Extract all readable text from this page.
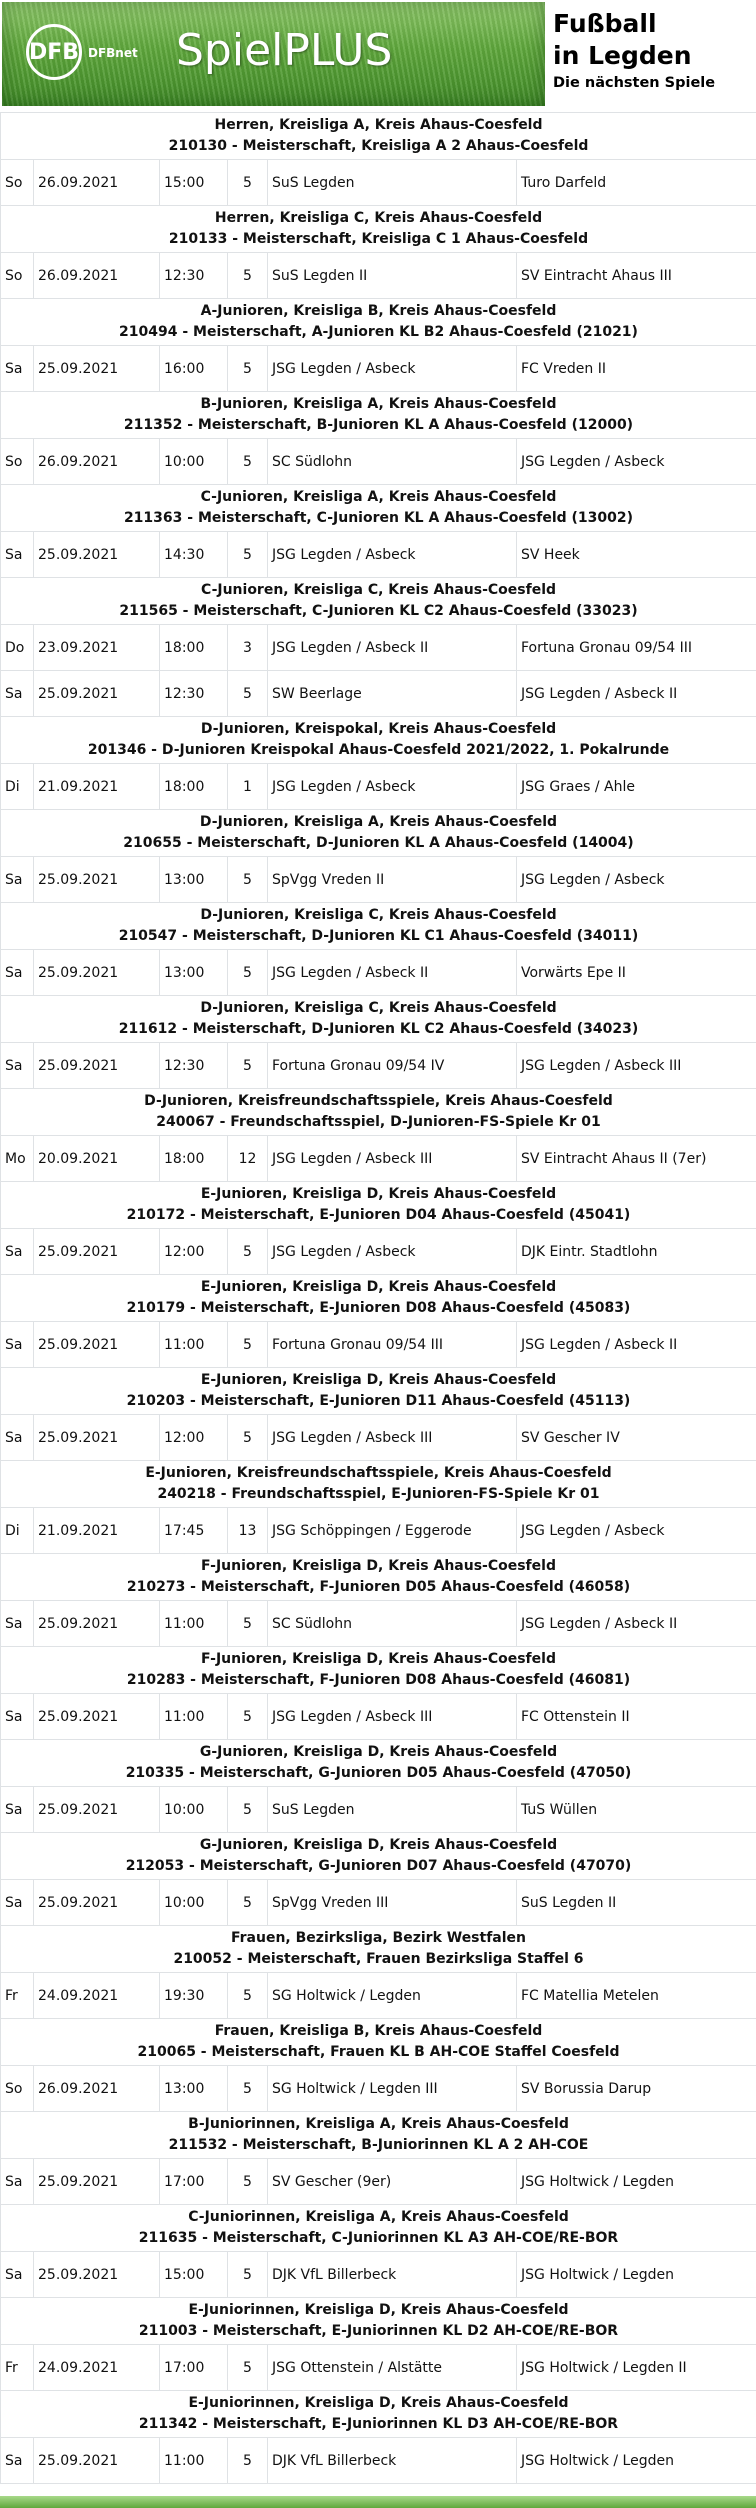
DFB DFBnet SpielPLUS
Fußball
in Legden
Die nächsten Spiele
Herren, Kreisliga A, Kreis Ahaus-Coesfeld
210130 - Meisterschaft, Kreisliga A 2 Ahaus-Coesfeld					

So	26.09.2021	15:00	5	SuS Legden	Turo Darfeld

Herren, Kreisliga C, Kreis Ahaus-Coesfeld
210133 - Meisterschaft, Kreisliga C 1 Ahaus-Coesfeld					

So	26.09.2021	12:30	5	SuS Legden II	SV Eintracht Ahaus III

A-Junioren, Kreisliga B, Kreis Ahaus-Coesfeld
210494 - Meisterschaft, A-Junioren KL B2 Ahaus-Coesfeld (21021)					

Sa	25.09.2021	16:00	5	JSG Legden / Asbeck	FC Vreden II

B-Junioren, Kreisliga A, Kreis Ahaus-Coesfeld
211352 - Meisterschaft, B-Junioren KL A Ahaus-Coesfeld (12000)					

So	26.09.2021	10:00	5	SC Südlohn	JSG Legden / Asbeck

C-Junioren, Kreisliga A, Kreis Ahaus-Coesfeld
211363 - Meisterschaft, C-Junioren KL A Ahaus-Coesfeld (13002)					

Sa	25.09.2021	14:30	5	JSG Legden / Asbeck	SV Heek

C-Junioren, Kreisliga C, Kreis Ahaus-Coesfeld
211565 - Meisterschaft, C-Junioren KL C2 Ahaus-Coesfeld (33023)					

Do	23.09.2021	18:00	3	JSG Legden / Asbeck II	Fortuna Gronau 09/54 III
Sa	25.09.2021	12:30	5	SW Beerlage	JSG Legden / Asbeck II

D-Junioren, Kreispokal, Kreis Ahaus-Coesfeld
201346 - D-Junioren Kreispokal Ahaus-Coesfeld 2021/2022, 1. Pokalrunde					

Di	21.09.2021	18:00	1	JSG Legden / Asbeck	JSG Graes / Ahle

D-Junioren, Kreisliga A, Kreis Ahaus-Coesfeld
210655 - Meisterschaft, D-Junioren KL A Ahaus-Coesfeld (14004)					

Sa	25.09.2021	13:00	5	SpVgg Vreden II	JSG Legden / Asbeck

D-Junioren, Kreisliga C, Kreis Ahaus-Coesfeld
210547 - Meisterschaft, D-Junioren KL C1 Ahaus-Coesfeld (34011)					

Sa	25.09.2021	13:00	5	JSG Legden / Asbeck II	Vorwärts Epe II

D-Junioren, Kreisliga C, Kreis Ahaus-Coesfeld
211612 - Meisterschaft, D-Junioren KL C2 Ahaus-Coesfeld (34023)					

Sa	25.09.2021	12:30	5	Fortuna Gronau 09/54 IV	JSG Legden / Asbeck III

D-Junioren, Kreisfreundschaftsspiele, Kreis Ahaus-Coesfeld
240067 - Freundschaftsspiel, D-Junioren-FS-Spiele Kr 01					

Mo	20.09.2021	18:00	12	JSG Legden / Asbeck III	SV Eintracht Ahaus II (7er)

E-Junioren, Kreisliga D, Kreis Ahaus-Coesfeld
210172 - Meisterschaft, E-Junioren D04 Ahaus-Coesfeld (45041)					

Sa	25.09.2021	12:00	5	JSG Legden / Asbeck	DJK Eintr. Stadtlohn

E-Junioren, Kreisliga D, Kreis Ahaus-Coesfeld
210179 - Meisterschaft, E-Junioren D08 Ahaus-Coesfeld (45083)					

Sa	25.09.2021	11:00	5	Fortuna Gronau 09/54 III	JSG Legden / Asbeck II

E-Junioren, Kreisliga D, Kreis Ahaus-Coesfeld
210203 - Meisterschaft, E-Junioren D11 Ahaus-Coesfeld (45113)					

Sa	25.09.2021	12:00	5	JSG Legden / Asbeck III	SV Gescher IV

E-Junioren, Kreisfreundschaftsspiele, Kreis Ahaus-Coesfeld
240218 - Freundschaftsspiel, E-Junioren-FS-Spiele Kr 01					

Di	21.09.2021	17:45	13	JSG Schöppingen / Eggerode	JSG Legden / Asbeck

F-Junioren, Kreisliga D, Kreis Ahaus-Coesfeld
210273 - Meisterschaft, F-Junioren D05 Ahaus-Coesfeld (46058)					

Sa	25.09.2021	11:00	5	SC Südlohn	JSG Legden / Asbeck II

F-Junioren, Kreisliga D, Kreis Ahaus-Coesfeld
210283 - Meisterschaft, F-Junioren D08 Ahaus-Coesfeld (46081)					

Sa	25.09.2021	11:00	5	JSG Legden / Asbeck III	FC Ottenstein II

G-Junioren, Kreisliga D, Kreis Ahaus-Coesfeld
210335 - Meisterschaft, G-Junioren D05 Ahaus-Coesfeld (47050)					

Sa	25.09.2021	10:00	5	SuS Legden	TuS Wüllen

G-Junioren, Kreisliga D, Kreis Ahaus-Coesfeld
212053 - Meisterschaft, G-Junioren D07 Ahaus-Coesfeld (47070)					

Sa	25.09.2021	10:00	5	SpVgg Vreden III	SuS Legden II

Frauen, Bezirksliga, Bezirk Westfalen
210052 - Meisterschaft, Frauen Bezirksliga Staffel 6					

Fr	24.09.2021	19:30	5	SG Holtwick / Legden	FC Matellia Metelen

Frauen, Kreisliga B, Kreis Ahaus-Coesfeld
210065 - Meisterschaft, Frauen KL B AH-COE Staffel Coesfeld					

So	26.09.2021	13:00	5	SG Holtwick / Legden III	SV Borussia Darup

B-Juniorinnen, Kreisliga A, Kreis Ahaus-Coesfeld
211532 - Meisterschaft, B-Juniorinnen KL A 2 AH-COE					

Sa	25.09.2021	17:00	5	SV Gescher (9er)	JSG Holtwick / Legden

C-Juniorinnen, Kreisliga A, Kreis Ahaus-Coesfeld
211635 - Meisterschaft, C-Juniorinnen KL A3 AH-COE/RE-BOR					

Sa	25.09.2021	15:00	5	DJK VfL Billerbeck	JSG Holtwick / Legden

E-Juniorinnen, Kreisliga D, Kreis Ahaus-Coesfeld
211003 - Meisterschaft, E-Juniorinnen KL D2 AH-COE/RE-BOR					

Fr	24.09.2021	17:00	5	JSG Ottenstein / Alstätte	JSG Holtwick / Legden II

E-Juniorinnen, Kreisliga D, Kreis Ahaus-Coesfeld
211342 - Meisterschaft, E-Juniorinnen KL D3 AH-COE/RE-BOR					

Sa	25.09.2021	11:00	5	DJK VfL Billerbeck	JSG Holtwick / Legden
